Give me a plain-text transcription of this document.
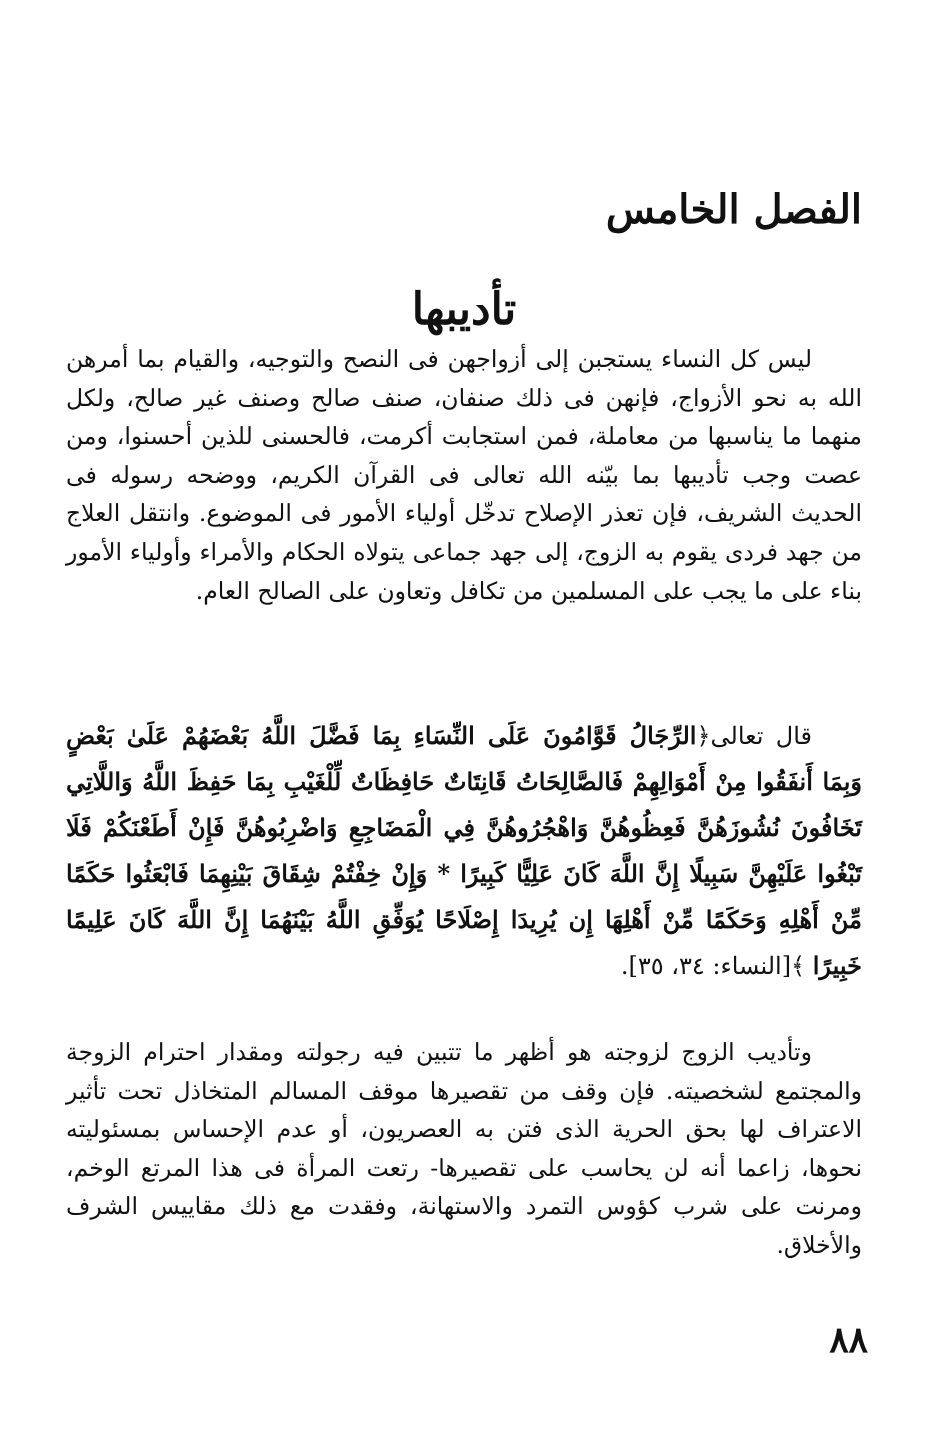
الفصل الخامس
تأديبها

ليس كل النساء يستجبن إلى أزواجهن فى النصح والتوجيه، والقيام بما أمرهن الله به نحو الأزواج، فإنهن فى ذلك صنفان، صنف صالح وصنف غير صالح، ولكل منهما ما يناسبها من معاملة، فمن استجابت أكرمت، فالحسنى للذين أحسنوا، ومن عصت وجب تأديبها بما بيّنه الله تعالى فى القرآن الكريم، ووضحه رسوله فى الحديث الشريف، فإن تعذر الإصلاح تدخّل أولياء الأمور فى الموضوع. وانتقل العلاج من جهد فردى يقوم به الزوج، إلى جهد جماعى يتولاه الحكام والأمراء وأولياء الأمور بناء على ما يجب على المسلمين من تكافل وتعاون على الصالح العام.

قال تعالى﴿الرِّجَالُ قَوَّامُونَ عَلَى النِّسَاءِ بِمَا فَضَّلَ اللَّهُ بَعْضَهُمْ عَلَىٰ بَعْضٍ وَبِمَا أَنفَقُوا مِنْ أَمْوَالِهِمْ فَالصَّالِحَاتُ قَانِتَاتٌ حَافِظَاتٌ لِّلْغَيْبِ بِمَا حَفِظَ اللَّهُ وَاللَّاتِي تَخَافُونَ نُشُوزَهُنَّ فَعِظُوهُنَّ وَاهْجُرُوهُنَّ فِي الْمَضَاجِعِ وَاضْرِبُوهُنَّ فَإِنْ أَطَعْنَكُمْ فَلَا تَبْغُوا عَلَيْهِنَّ سَبِيلًا إِنَّ اللَّهَ كَانَ عَلِيًّا كَبِيرًا * وَإِنْ خِفْتُمْ شِقَاقَ بَيْنِهِمَا فَابْعَثُوا حَكَمًا مِّنْ أَهْلِهِ وَحَكَمًا مِّنْ أَهْلِهَا إِن يُرِيدَا إِصْلَاحًا يُوَفِّقِ اللَّهُ بَيْنَهُمَا إِنَّ اللَّهَ كَانَ عَلِيمًا خَبِيرًا ﴾[النساء: ٣٤، ٣٥].

وتأديب الزوج لزوجته هو أظهر ما تتبين فيه رجولته ومقدار احترام الزوجة والمجتمع لشخصيته. فإن وقف من تقصيرها موقف المسالم المتخاذل تحت تأثير الاعتراف لها بحق الحرية الذى فتن به العصريون، أو عدم الإحساس بمسئوليته نحوها، زاعما أنه لن يحاسب على تقصيرها- رتعت المرأة فى هذا المرتع الوخم، ومرنت على شرب كؤوس التمرد والاستهانة، وفقدت مع ذلك مقاييس الشرف والأخلاق.

٨٨
